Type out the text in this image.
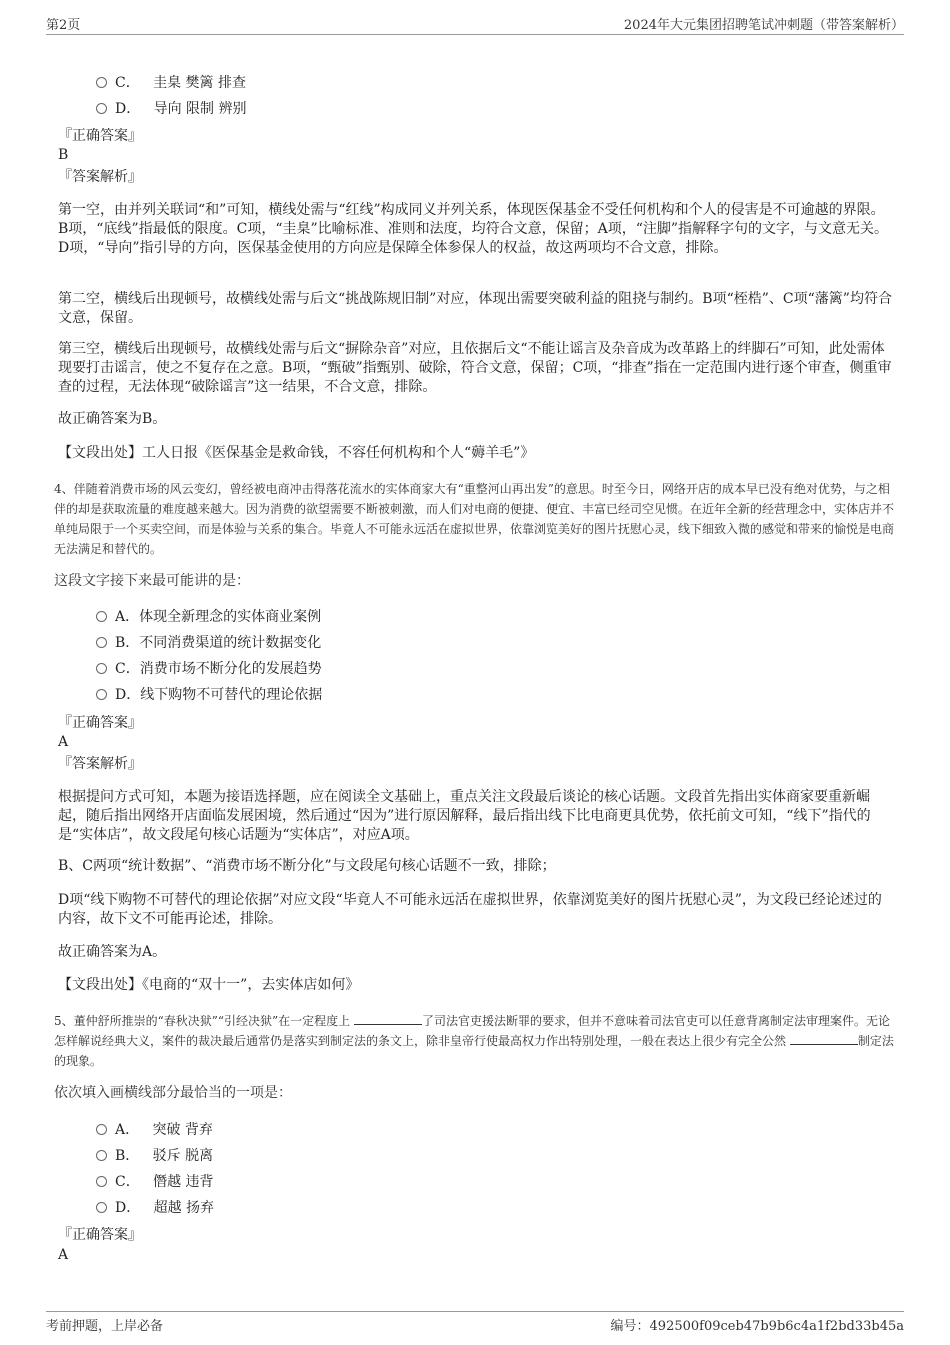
第2页	2024年大元集团招聘笔试冲刺题（带答案解析）
C． 圭臬 樊篱 排查
D． 导向 限制 辨别
『正确答案』
B
『答案解析』

第一空，由并列关联词“和”可知，横线处需与“红线”构成同义并列关系，体现医保基金不受任何机构和个人的侵害是不可逾越的界限。B项，“底线”指最低的限度。C项，“圭臬”比喻标准、准则和法度，均符合文意，保留；A项，“注脚”指解释字句的文字，与文意无关。D项，“导向”指引导的方向，医保基金使用的方向应是保障全体参保人的权益，故这两项均不合文意，排除。

第二空，横线后出现顿号，故横线处需与后文“挑战陈规旧制”对应，体现出需要突破利益的阻挠与制约。B项“桎梏”、C项“藩篱”均符合文意，保留。

第三空，横线后出现顿号，故横线处需与后文“摒除杂音”对应，且依据后文“不能让谣言及杂音成为改革路上的绊脚石”可知，此处需体现要打击谣言，使之不复存在之意。B项，“甄破”指甄别、破除，符合文意，保留；C项，“排查”指在一定范围内进行逐个审查，侧重审查的过程，无法体现“破除谣言”这一结果，不合文意，排除。

故正确答案为B。
【文段出处】工人日报《医保基金是救命钱，不容任何机构和个人“薅羊毛”》

4、伴随着消费市场的风云变幻，曾经被电商冲击得落花流水的实体商家大有“重整河山再出发”的意思。时至今日，网络开店的成本早已没有绝对优势，与之相伴的却是获取流量的难度越来越大。因为消费的欲望需要不断被刺激，而人们对电商的便捷、便宜、丰富已经司空见惯。在近年全新的经营理念中，实体店并不单纯局限于一个买卖空间，而是体验与关系的集合。毕竟人不可能永远活在虚拟世界，依靠浏览美好的图片抚慰心灵，线下细致入微的感觉和带来的愉悦是电商无法满足和替代的。

这段文字接下来最可能讲的是：
A．体现全新理念的实体商业案例
B．不同消费渠道的统计数据变化
C．消费市场不断分化的发展趋势
D．线下购物不可替代的理论依据
『正确答案』
A
『答案解析』

根据提问方式可知，本题为接语选择题，应在阅读全文基础上，重点关注文段最后谈论的核心话题。文段首先指出实体商家要重新崛起，随后指出网络开店面临发展困境，然后通过“因为”进行原因解释，最后指出线下比电商更具优势，依托前文可知，“线下”指代的是“实体店”，故文段尾句核心话题为“实体店”，对应A项。

B、C两项“统计数据”、“消费市场不断分化”与文段尾句核心话题不一致，排除；

D项“线下购物不可替代的理论依据”对应文段“毕竟人不可能永远活在虚拟世界，依靠浏览美好的图片抚慰心灵”，为文段已经论述过的内容，故下文不可能再论述，排除。

故正确答案为A。
【文段出处】《电商的“双十一”，去实体店如何》

5、董仲舒所推崇的“春秋决狱”“引经决狱”在一定程度上	了司法官吏援法断罪的要求，但并不意味着司法官吏可以任意背离制定法审理案件。无论怎样解说经典大义，案件的裁决最后通常仍是落实到制定法的条文上，除非皇帝行使最高权力作出特别处理，一般在表达上很少有完全公然	制定法的现象。

依次填入画横线部分最恰当的一项是：
A． 突破 背弃
B． 驳斥 脱离
C． 僭越 违背
D． 超越 扬弃
『正确答案』
A
考前押题，上岸必备	编号：492500f09ceb47b9b6c4a1f2bd33b45a
